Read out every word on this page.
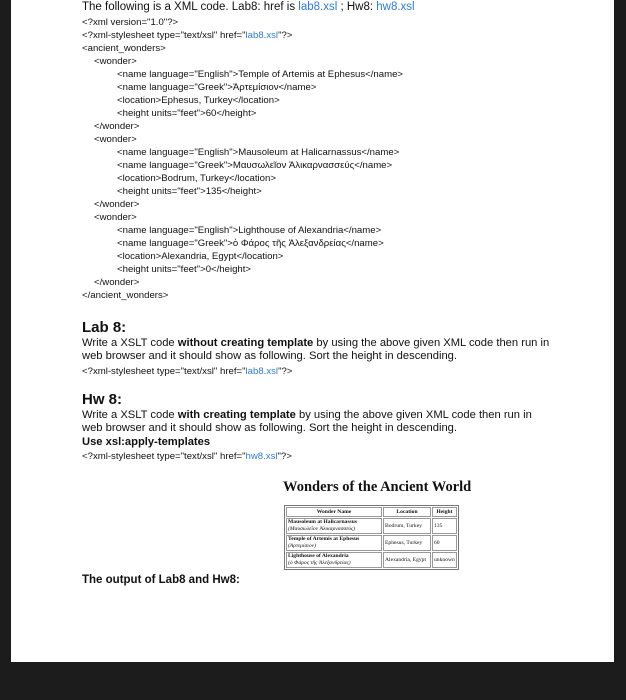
The following is a XML code. Lab8: href is lab8.xsl ; Hw8: hw8.xsl
<?xml version="1.0"?>
<?xml-stylesheet type="text/xsl" href="lab8.xsl"?>
<ancient_wonders>
<wonder>
<name language="English">Temple of Artemis at Ephesus</name>
<name language="Greek">Ἀρτεμίσιον</name>
<location>Ephesus, Turkey</location>
<height units="feet">60</height>
</wonder>
<wonder>
<name language="English">Mausoleum at Halicarnassus</name>
<name language="Greek">Μαυσωλεῖον Ἁλικαρνασσεύς</name>
<location>Bodrum, Turkey</location>
<height units="feet">135</height>
</wonder>
<wonder>
<name language="English">Lighthouse of Alexandria</name>
<name language="Greek">ὁ Φάρος τῆς Ἀλεξανδρείας</name>
<location>Alexandria, Egypt</location>
<height units="feet">0</height>
</wonder>
</ancient_wonders>
Lab 8:
Write a XSLT code without creating template by using the above given XML code then run in web browser and it should show as following. Sort the height in descending.
<?xml-stylesheet type="text/xsl" href="lab8.xsl"?>
Hw 8:
Write a XSLT code with creating template by using the above given XML code then run in web browser and it should show as following. Sort the height in descending.
Use xsl:apply-templates
<?xml-stylesheet type="text/xsl" href="hw8.xsl"?>
Wonders of the Ancient World
Wonder Name	Location	Height

Mausoleum at Halicarnassus
(Μαυσωλεῖον Ἁλικαρνασσεύς)	Bodrum, Turkey	135

Temple of Artemis at Ephesus
(Ἀρτεμίσιον)	Ephesus, Turkey	60

Lighthouse of Alexandria
(ὁ Φάρος τῆς Ἀλεξανδρείας)	Alexandria, Egypt	unknown
The output of Lab8 and Hw8:
